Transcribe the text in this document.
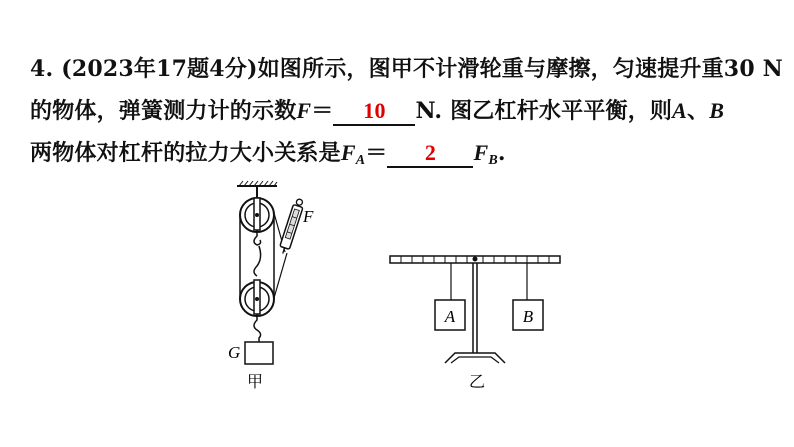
4. (2023年17题4分)如图所示，图甲不计滑轮重与摩擦，匀速提升重30 N
的物体，弹簧测力计的示数F＝ 10 N. 图乙杠杆水平平衡，则A、B
两物体对杠杆的拉力大小关系是$F_A= 2$ $F_B$.
F
G
甲
A	B
乙
